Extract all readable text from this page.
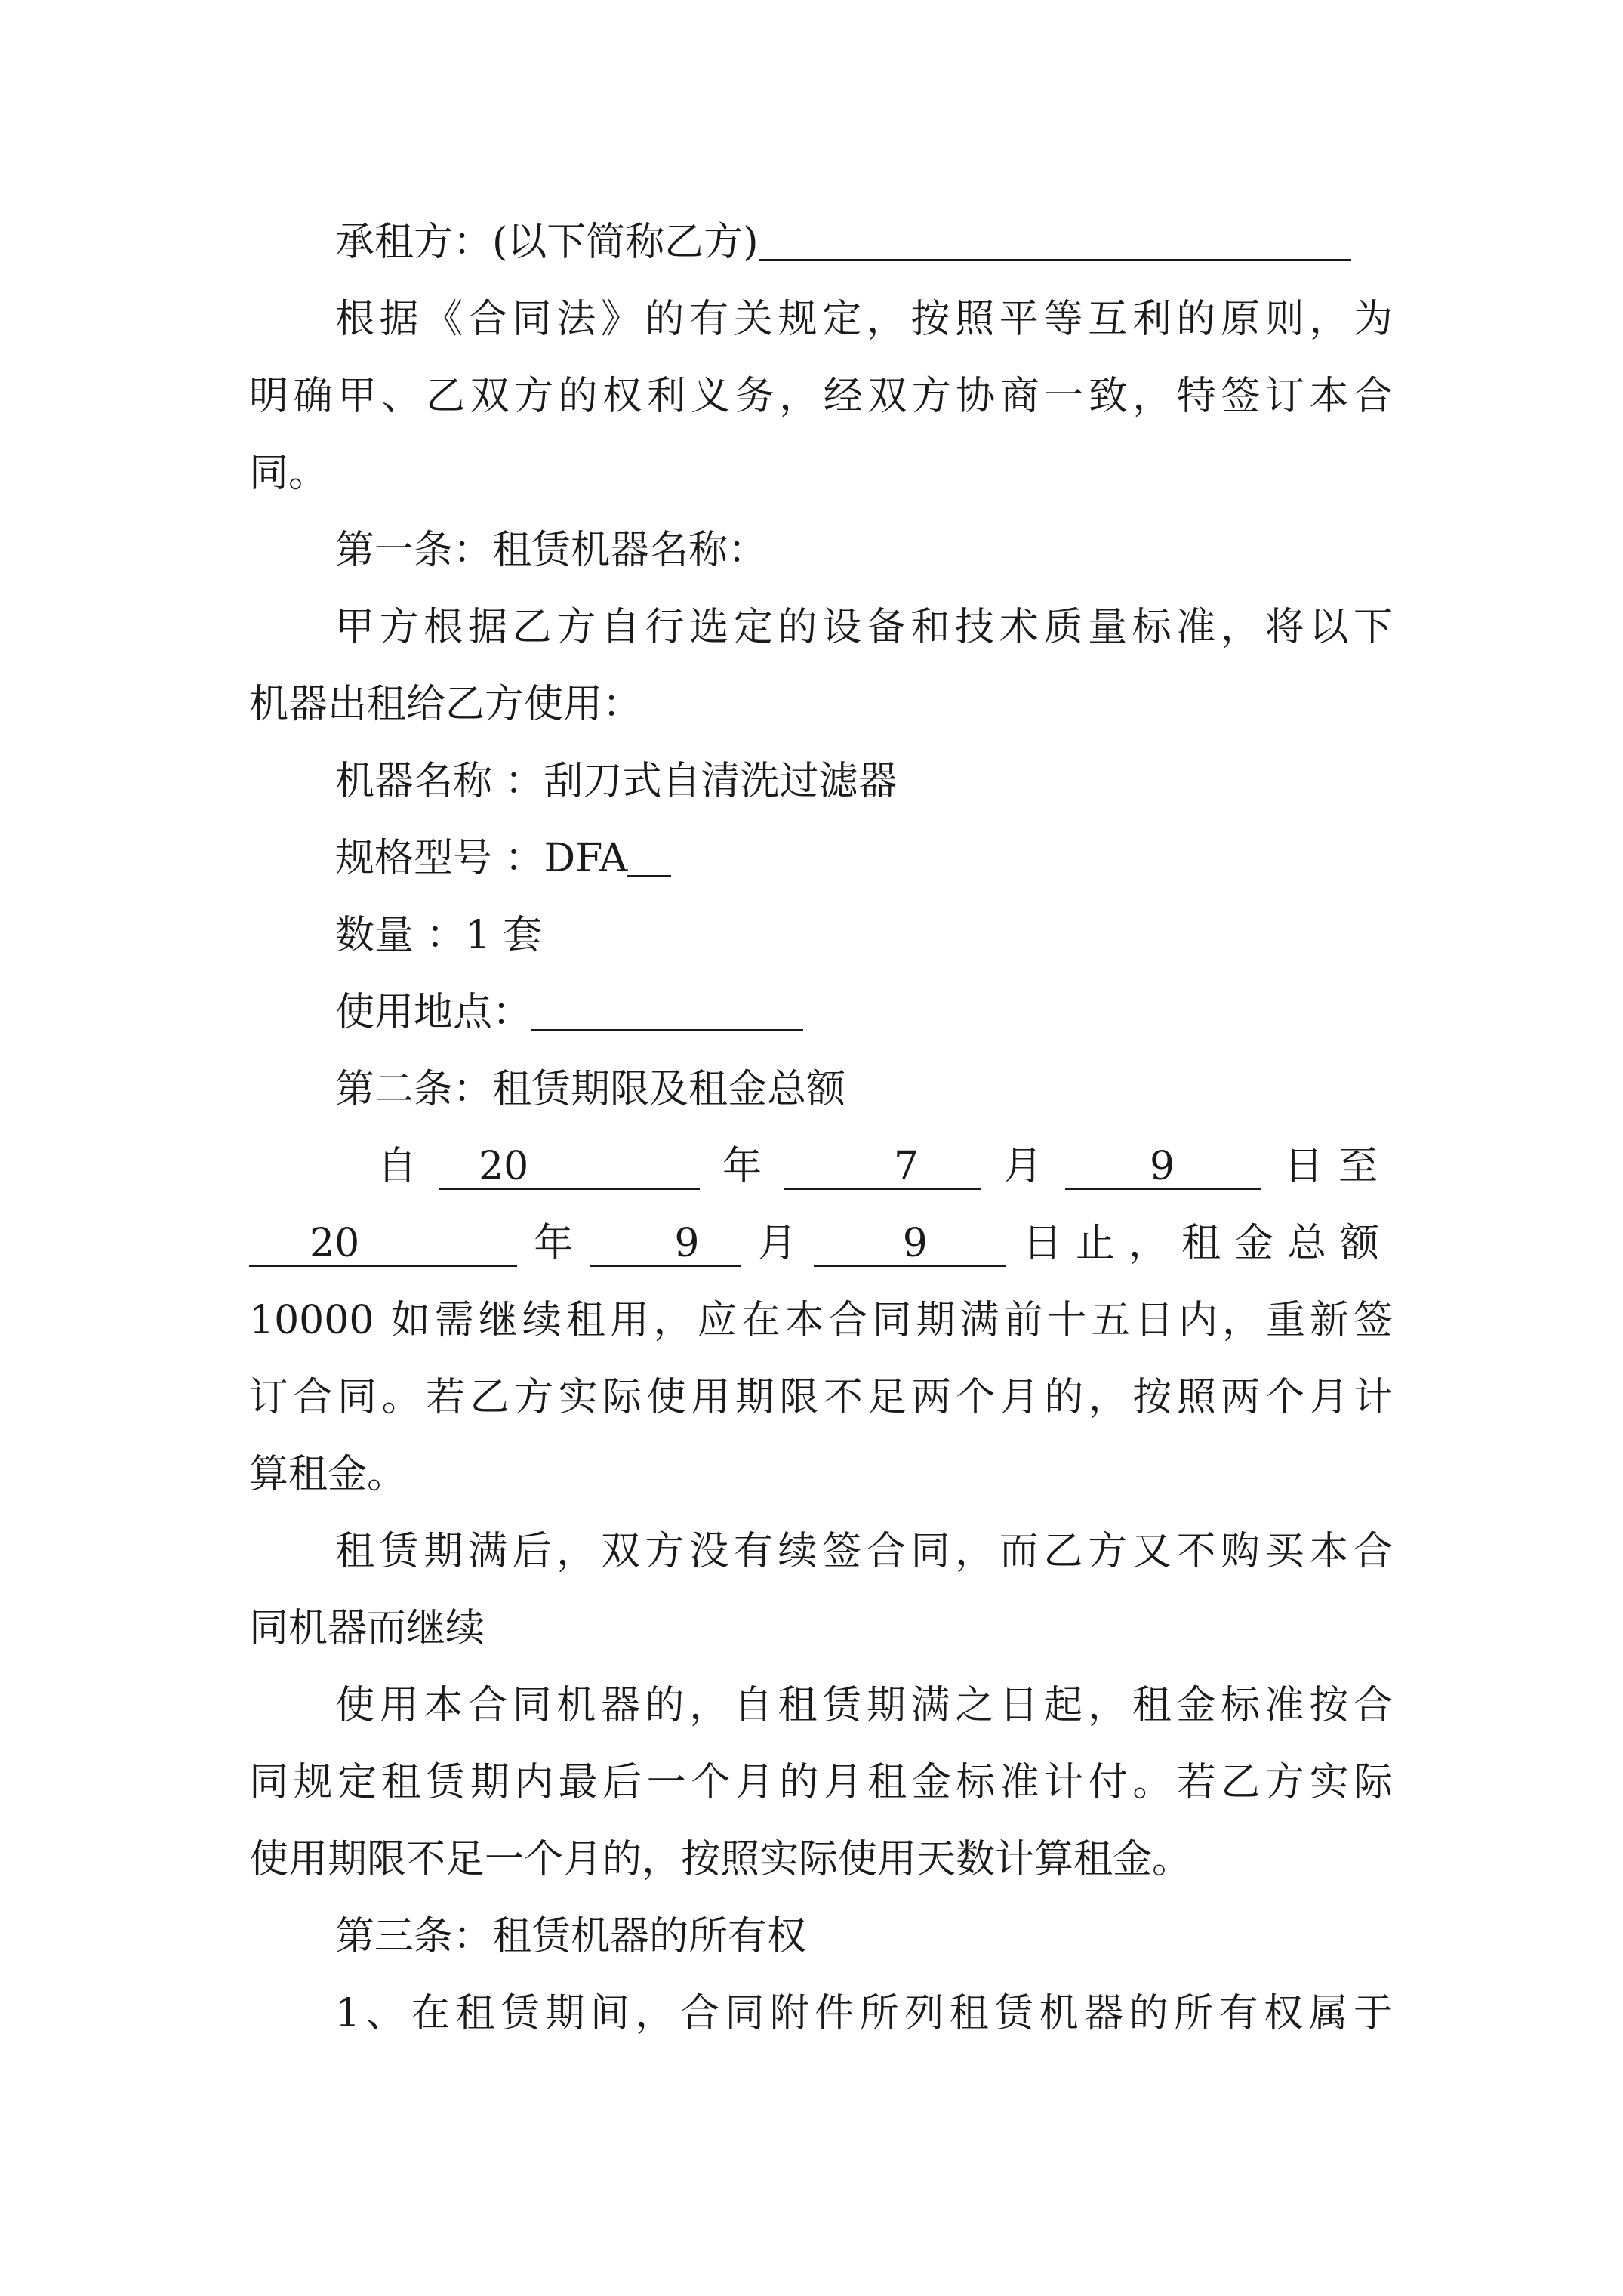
承租方：(以下简称乙方)
根据《合同法》的有关规定，按照平等互利的原则，为
明确甲、乙双方的权利义务，经双方协商一致，特签订本合
同。
第一条：租赁机器名称：
甲方根据乙方自行选定的设备和技术质量标准，将以下
机器出租给乙方使用：
机器名称 ：刮刀式自清洗过滤器
规格型号 ：DFA
数量 ：1 套
使用地点：
第二条：租赁期限及租金总额
自	20	年	7	月	9	日至
20	年	9	月	9	日止，租金总额
10000 如需继续租用，应在本合同期满前十五日内，重新签
订合同。若乙方实际使用期限不足两个月的，按照两个月计
算租金。
租赁期满后，双方没有续签合同，而乙方又不购买本合
同机器而继续
使用本合同机器的，自租赁期满之日起，租金标准按合
同规定租赁期内最后一个月的月租金标准计付。若乙方实际
使用期限不足一个月的，按照实际使用天数计算租金。
第三条：租赁机器的所有权
1、在租赁期间，合同附件所列租赁机器的所有权属于
